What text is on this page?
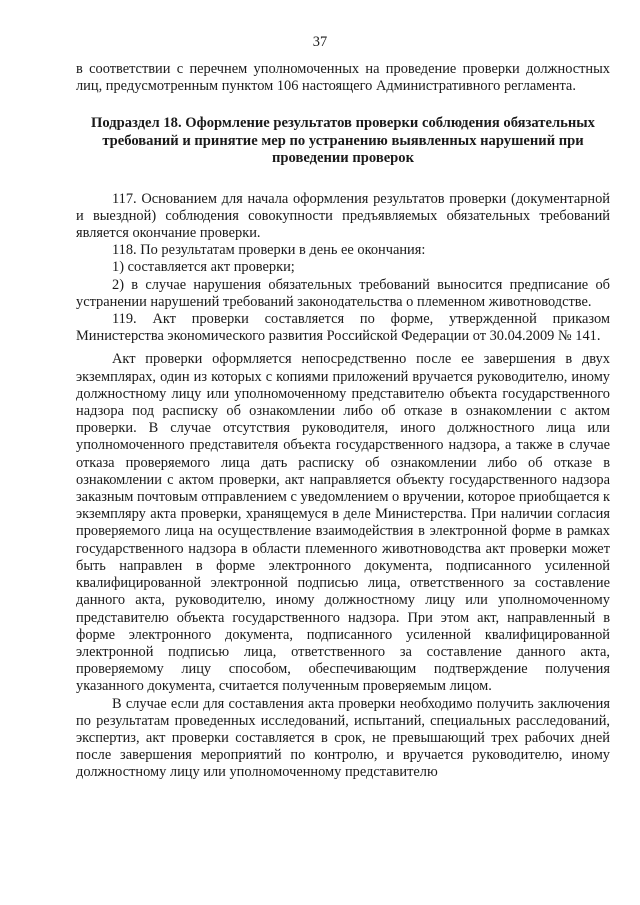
37

в соответствии с перечнем уполномоченных на проведение проверки должностных лиц, предусмотренным пунктом 106 настоящего Административного регламента.

Подраздел 18. Оформление результатов проверки соблюдения обязательных требований и принятие мер по устранению выявленных нарушений при проведении проверок

117. Основанием для начала оформления результатов проверки (документарной и выездной) соблюдения совокупности предъявляемых обязательных требований является окончание проверки.

118. По результатам проверки в день ее окончания:

1) составляется акт проверки;

2) в случае нарушения обязательных требований выносится предписание об устранении нарушений требований законодательства о племенном животноводстве.

119. Акт проверки составляется по форме, утвержденной приказом Министерства экономического развития Российской Федерации от 30.04.2009 № 141.

Акт проверки оформляется непосредственно после ее завершения в двух экземплярах, один из которых с копиями приложений вручается руководителю, иному должностному лицу или уполномоченному представителю объекта государственного надзора под расписку об ознакомлении либо об отказе в ознакомлении с актом проверки. В случае отсутствия руководителя, иного должностного лица или уполномоченного представителя объекта государственного надзора, а также в случае отказа проверяемого лица дать расписку об ознакомлении либо об отказе в ознакомлении с актом проверки, акт направляется объекту государственного надзора заказным почтовым отправлением с уведомлением о вручении, которое приобщается к экземпляру акта проверки, хранящемуся в деле Министерства. При наличии согласия проверяемого лица на осуществление взаимодействия в электронной форме в рамках государственного надзора в области племенного животноводства акт проверки может быть направлен в форме электронного документа, подписанного усиленной квалифицированной электронной подписью лица, ответственного за составление данного акта, руководителю, иному должностному лицу или уполномоченному представителю объекта государственного надзора. При этом акт, направленный в форме электронного документа, подписанного усиленной квалифицированной электронной подписью лица, ответственного за составление данного акта, проверяемому лицу способом, обеспечивающим подтверждение получения указанного документа, считается полученным проверяемым лицом.

В случае если для составления акта проверки необходимо получить заключения по результатам проведенных исследований, испытаний, специальных расследований, экспертиз, акт проверки составляется в срок, не превышающий трех рабочих дней после завершения мероприятий по контролю, и вручается руководителю, иному должностному лицу или уполномоченному представителю
